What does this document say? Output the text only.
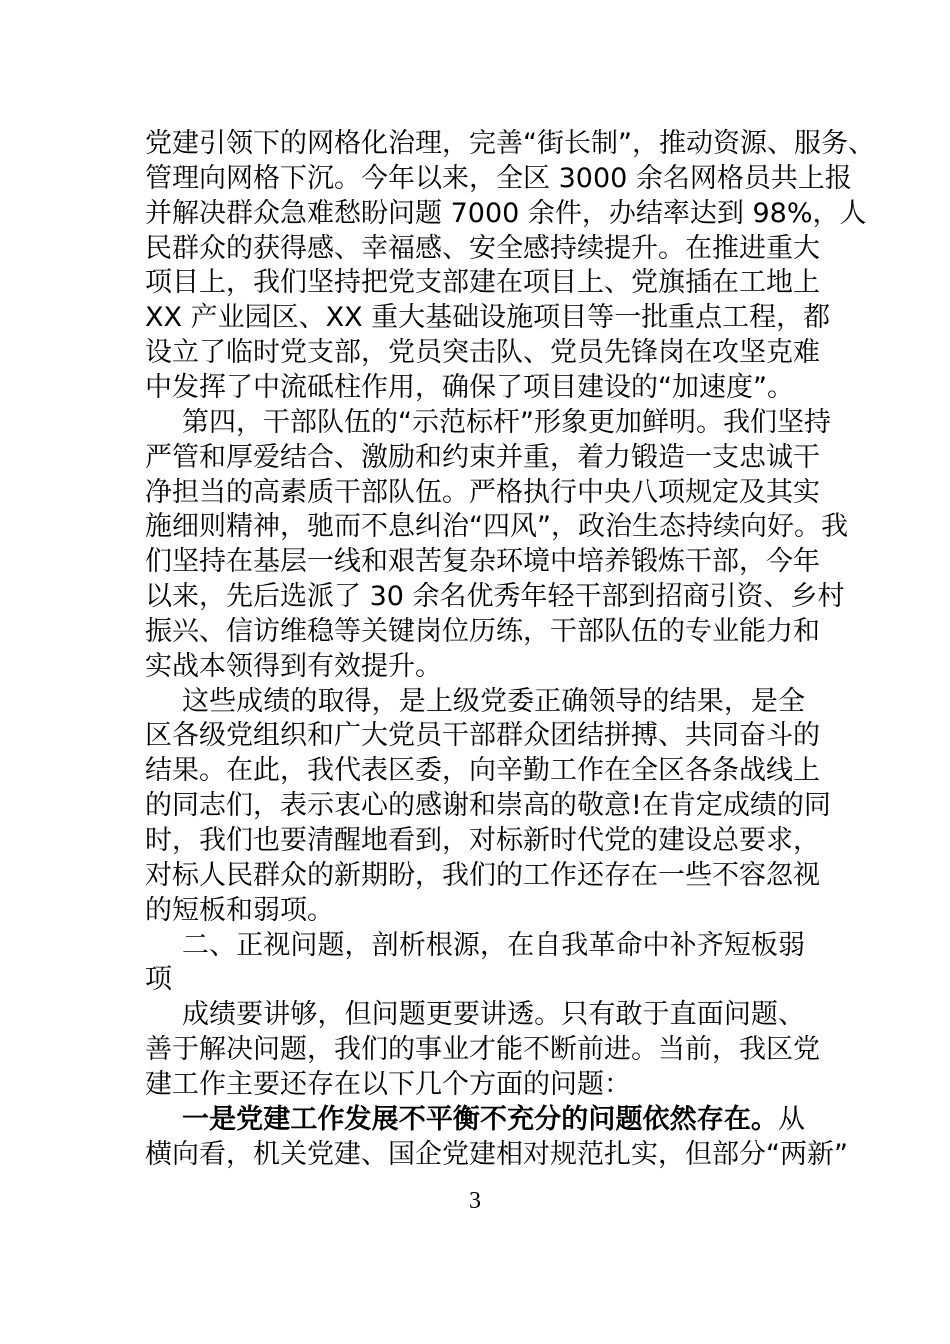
党建引领下的网格化治理，完善“街长制”，推动资源、服务、
管理向网格下沉。今年以来，全区 3000 余名网格员共上报
并解决群众急难愁盼问题 7000 余件，办结率达到 98%，人
民群众的获得感、幸福感、安全感持续提升。在推进重大
项目上，我们坚持把党支部建在项目上、党旗插在工地上
XX 产业园区、XX 重大基础设施项目等一批重点工程，都
设立了临时党支部，党员突击队、党员先锋岗在攻坚克难
中发挥了中流砥柱作用，确保了项目建设的“加速度”。
第四，干部队伍的“示范标杆”形象更加鲜明。我们坚持
严管和厚爱结合、激励和约束并重，着力锻造一支忠诚干
净担当的高素质干部队伍。严格执行中央八项规定及其实
施细则精神，驰而不息纠治“四风”，政治生态持续向好。我
们坚持在基层一线和艰苦复杂环境中培养锻炼干部，今年
以来，先后选派了 30 余名优秀年轻干部到招商引资、乡村
振兴、信访维稳等关键岗位历练，干部队伍的专业能力和
实战本领得到有效提升。
这些成绩的取得，是上级党委正确领导的结果，是全
区各级党组织和广大党员干部群众团结拼搏、共同奋斗的
结果。在此，我代表区委，向辛勤工作在全区各条战线上
的同志们，表示衷心的感谢和崇高的敬意!在肯定成绩的同
时，我们也要清醒地看到，对标新时代党的建设总要求，
对标人民群众的新期盼，我们的工作还存在一些不容忽视
的短板和弱项。
二、正视问题，剖析根源，在自我革命中补齐短板弱
项
成绩要讲够，但问题更要讲透。只有敢于直面问题、
善于解决问题，我们的事业才能不断前进。当前，我区党
建工作主要还存在以下几个方面的问题：
一是党建工作发展不平衡不充分的问题依然存在。从
横向看，机关党建、国企党建相对规范扎实，但部分“两新”
3
